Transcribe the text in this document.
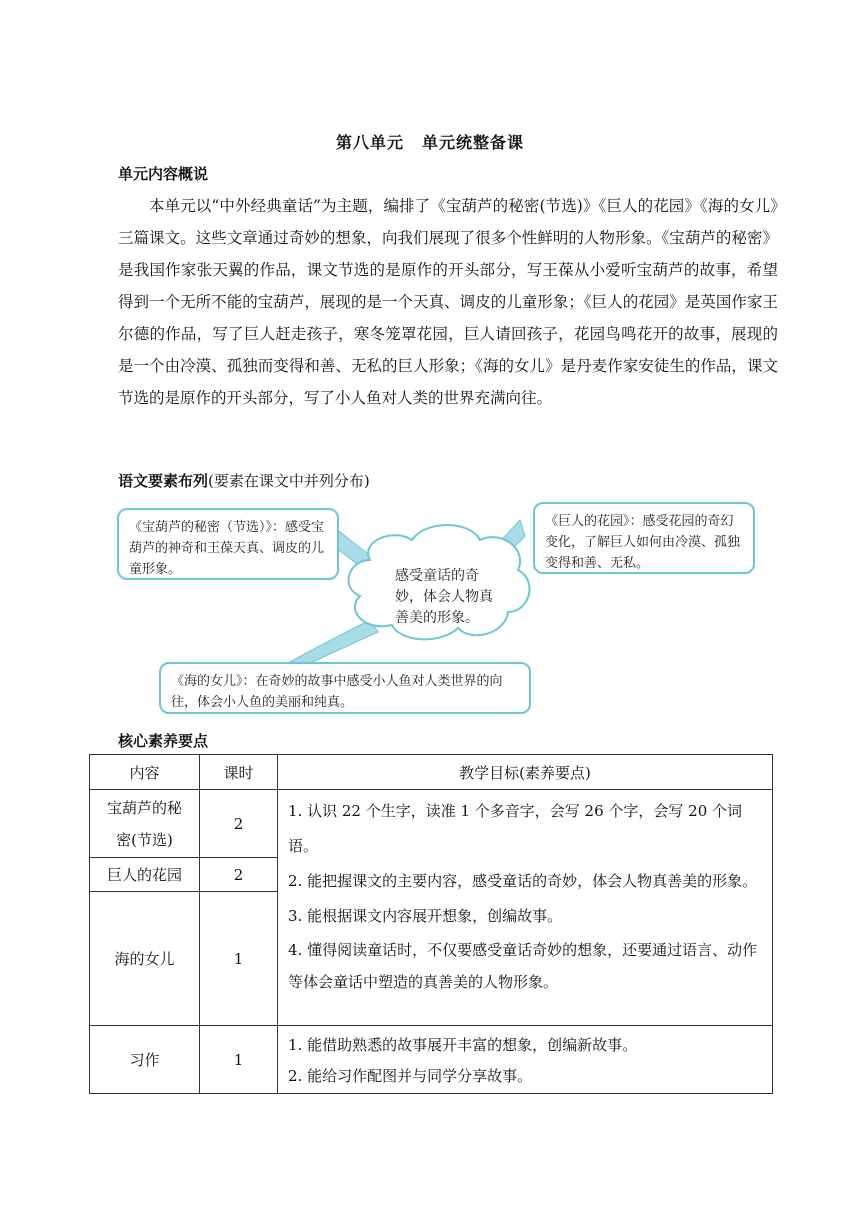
第八单元 单元统整备课
单元内容概说
本单元以“中外经典童话”为主题，编排了《宝葫芦的秘密(节选)》《巨人的花园》《海的女儿》三篇课文。这些文章通过奇妙的想象，向我们展现了很多个性鲜明的人物形象。《宝葫芦的秘密》是我国作家张天翼的作品，课文节选的是原作的开头部分，写王葆从小爱听宝葫芦的故事，希望得到一个无所不能的宝葫芦，展现的是一个天真、调皮的儿童形象；《巨人的花园》是英国作家王尔德的作品，写了巨人赶走孩子，寒冬笼罩花园，巨人请回孩子，花园鸟鸣花开的故事，展现的是一个由冷漠、孤独而变得和善、无私的巨人形象；《海的女儿》是丹麦作家安徒生的作品，课文节选的是原作的开头部分，写了小人鱼对人类的世界充满向往。
语文要素布列(要素在课文中并列分布)
《宝葫芦的秘密（节选）》：感受宝葫芦的神奇和王葆天真、调皮的儿童形象。
《巨人的花园》：感受花园的奇幻变化，了解巨人如何由冷漠、孤独变得和善、无私。
《海的女儿》：在奇妙的故事中感受小人鱼对人类世界的向往，体会小人鱼的美丽和纯真。
感受童话的奇妙，体会人物真善美的形象。
核心素养要点
内容	课时	教学目标(素养要点)
宝葫芦的秘密(节选)	2	1. 认识 22 个生字，读准 1 个多音字，会写 26 个字，会写 20 个词语。

2. 能把握课文的主要内容，感受童话的奇妙，体会人物真善美的形象。

3. 能根据课文内容展开想象，创编故事。

4. 懂得阅读童话时，不仅要感受童话奇妙的想象，还要通过语言、动作等体会童话中塑造的真善美的人物形象。

巨人的花园	2	
海的女儿	1	
习作	1	1. 能借助熟悉的故事展开丰富的想象，创编新故事。

2. 能给习作配图并与同学分享故事。
